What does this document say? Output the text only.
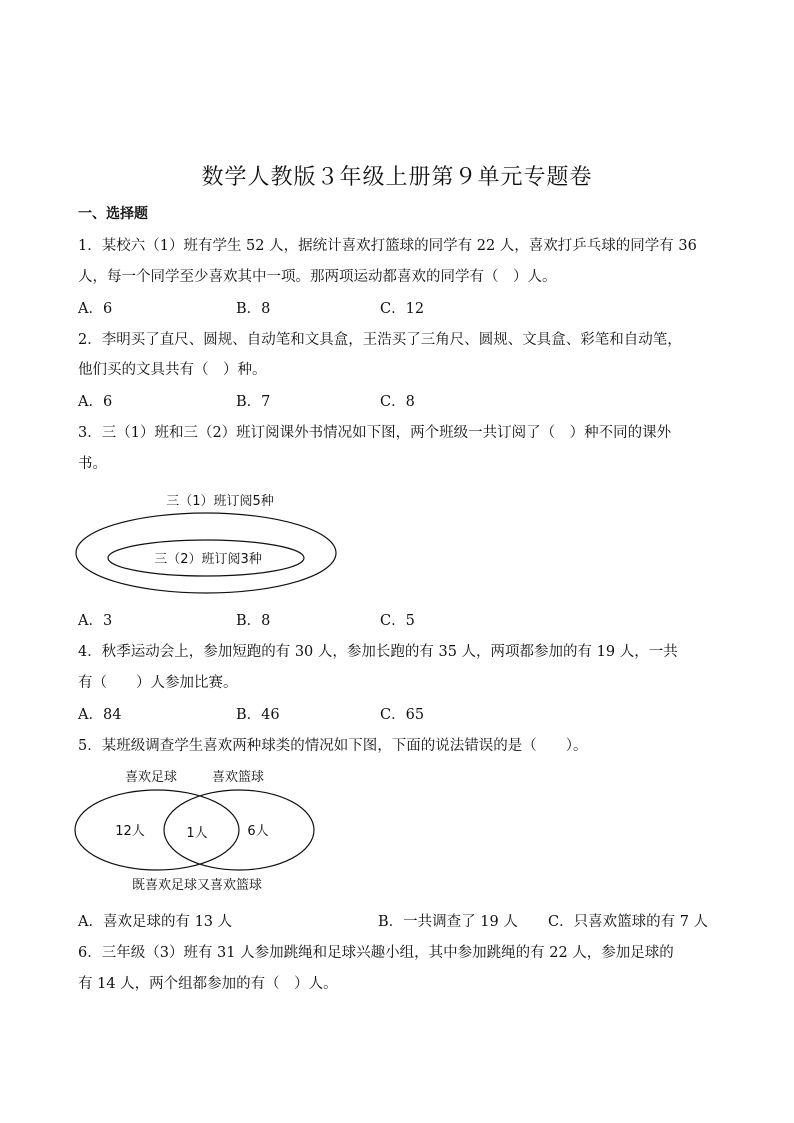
数学人教版３年级上册第９单元专题卷
一、选择题
1．某校六（1）班有学生 52 人，据统计喜欢打篮球的同学有 22 人，喜欢打乒乓球的同学有 36
人，每一个同学至少喜欢其中一项。那两项运动都喜欢的同学有（　）人。
A．6	B．8	C．12
2．李明买了直尺、圆规、自动笔和文具盒，王浩买了三角尺、圆规、文具盒、彩笔和自动笔，
他们买的文具共有（　）种。
A．6	B．7	C．8
3．三（1）班和三（2）班订阅课外书情况如下图，两个班级一共订阅了（　）种不同的课外
书。
三（1）班订阅5种
三（2）班订阅3种
A．3	B．8	C．5
4．秋季运动会上，参加短跑的有 30 人，参加长跑的有 35 人，两项都参加的有 19 人，一共
有（　　）人参加比赛。
A．84	B．46	C．65
5．某班级调查学生喜欢两种球类的情况如下图，下面的说法错误的是（　　）。
喜欢足球	喜欢篮球
12人	1人	6人
既喜欢足球又喜欢篮球
A．喜欢足球的有 13 人	B．一共调查了 19 人 C．只喜欢篮球的有 7 人
6．三年级（3）班有 31 人参加跳绳和足球兴趣小组，其中参加跳绳的有 22 人，参加足球的
有 14 人，两个组都参加的有（　）人。
